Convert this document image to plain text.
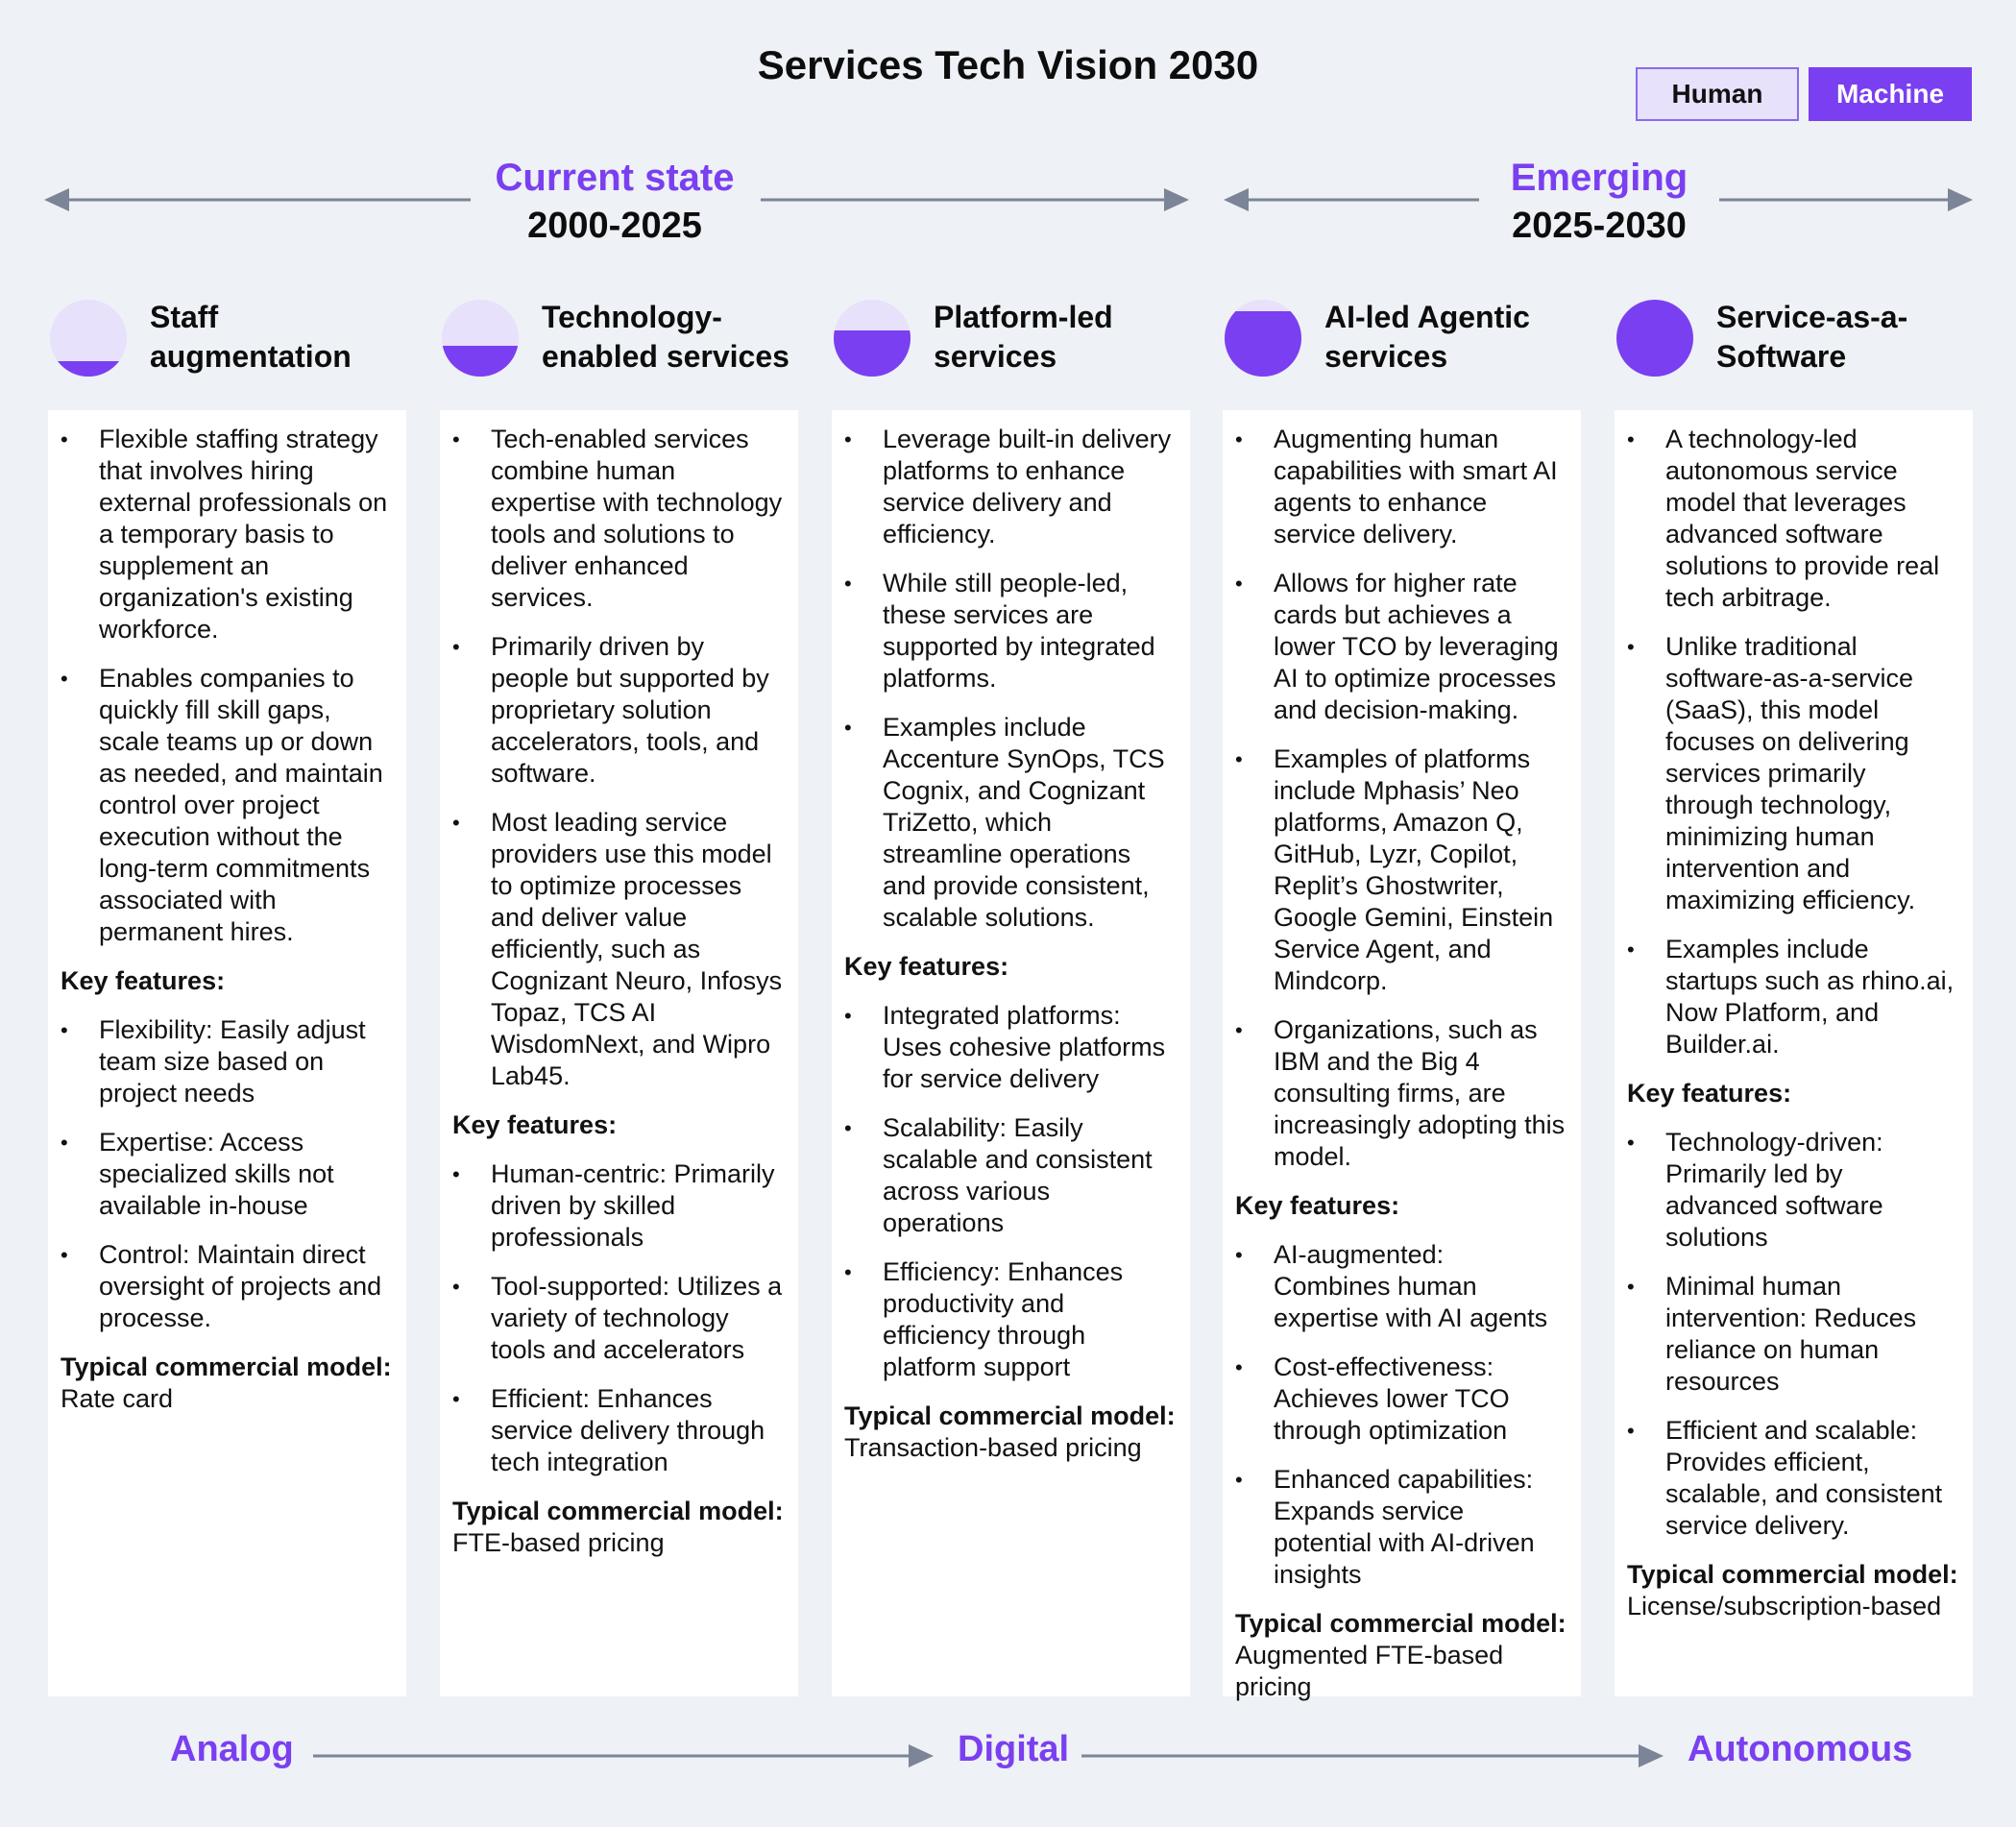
Services Tech Vision 2030
Human	Machine
Current state
2000-2025
Emerging
2025-2030
Staff
augmentation
• Flexible staffing strategy that involves hiring external professionals on a temporary basis to supplement an organization's existing workforce.
• Enables companies to quickly fill skill gaps, scale teams up or down as needed, and maintain control over project execution without the long-term commitments associated with permanent hires.
Key features:
• Flexibility: Easily adjust team size based on project needs
• Expertise: Access specialized skills not available in-house
• Control: Maintain direct oversight of projects and processe.
Typical commercial model:
Rate card
Technology-
enabled services
• Tech-enabled services combine human expertise with technology tools and solutions to deliver enhanced services.
• Primarily driven by people but supported by proprietary solution accelerators, tools, and software.
• Most leading service providers use this model to optimize processes and deliver value efficiently, such as Cognizant Neuro, Infosys Topaz, TCS AI WisdomNext, and Wipro Lab45.
Key features:
• Human-centric: Primarily driven by skilled professionals
• Tool-supported: Utilizes a variety of technology tools and accelerators
• Efficient: Enhances service delivery through tech integration
Typical commercial model:
FTE-based pricing
Platform-led
services
• Leverage built-in delivery platforms to enhance service delivery and efficiency.
• While still people-led, these services are supported by integrated platforms.
• Examples include Accenture SynOps, TCS Cognix, and Cognizant TriZetto, which streamline operations and provide consistent, scalable solutions.
Key features:
• Integrated platforms: Uses cohesive platforms for service delivery
• Scalability: Easily scalable and consistent across various operations
• Efficiency: Enhances productivity and efficiency through platform support
Typical commercial model:
Transaction-based pricing
AI-led Agentic
services
• Augmenting human capabilities with smart AI agents to enhance service delivery.
• Allows for higher rate cards but achieves a lower TCO by leveraging AI to optimize processes and decision-making.
• Examples of platforms include Mphasis’ Neo platforms, Amazon Q, GitHub, Lyzr, Copilot, Replit’s Ghostwriter, Google Gemini, Einstein Service Agent, and Mindcorp.
• Organizations, such as IBM and the Big 4 consulting firms, are increasingly adopting this model.
Key features:
• AI-augmented: Combines human expertise with AI agents
• Cost-effectiveness: Achieves lower TCO through optimization
• Enhanced capabilities: Expands service potential with AI-driven insights
Typical commercial model:
Augmented FTE-based pricing
Service-as-a-
Software
• A technology-led autonomous service model that leverages advanced software solutions to provide real tech arbitrage.
• Unlike traditional software-as-a-service (SaaS), this model focuses on delivering services primarily through technology, minimizing human intervention and maximizing efficiency.
• Examples include startups such as rhino.ai, Now Platform, and Builder.ai.
Key features:
• Technology-driven: Primarily led by advanced software solutions
• Minimal human intervention: Reduces reliance on human resources
• Efficient and scalable: Provides efficient, scalable, and consistent service delivery.
Typical commercial model:
License/subscription-based
Analog	Digital	Autonomous
